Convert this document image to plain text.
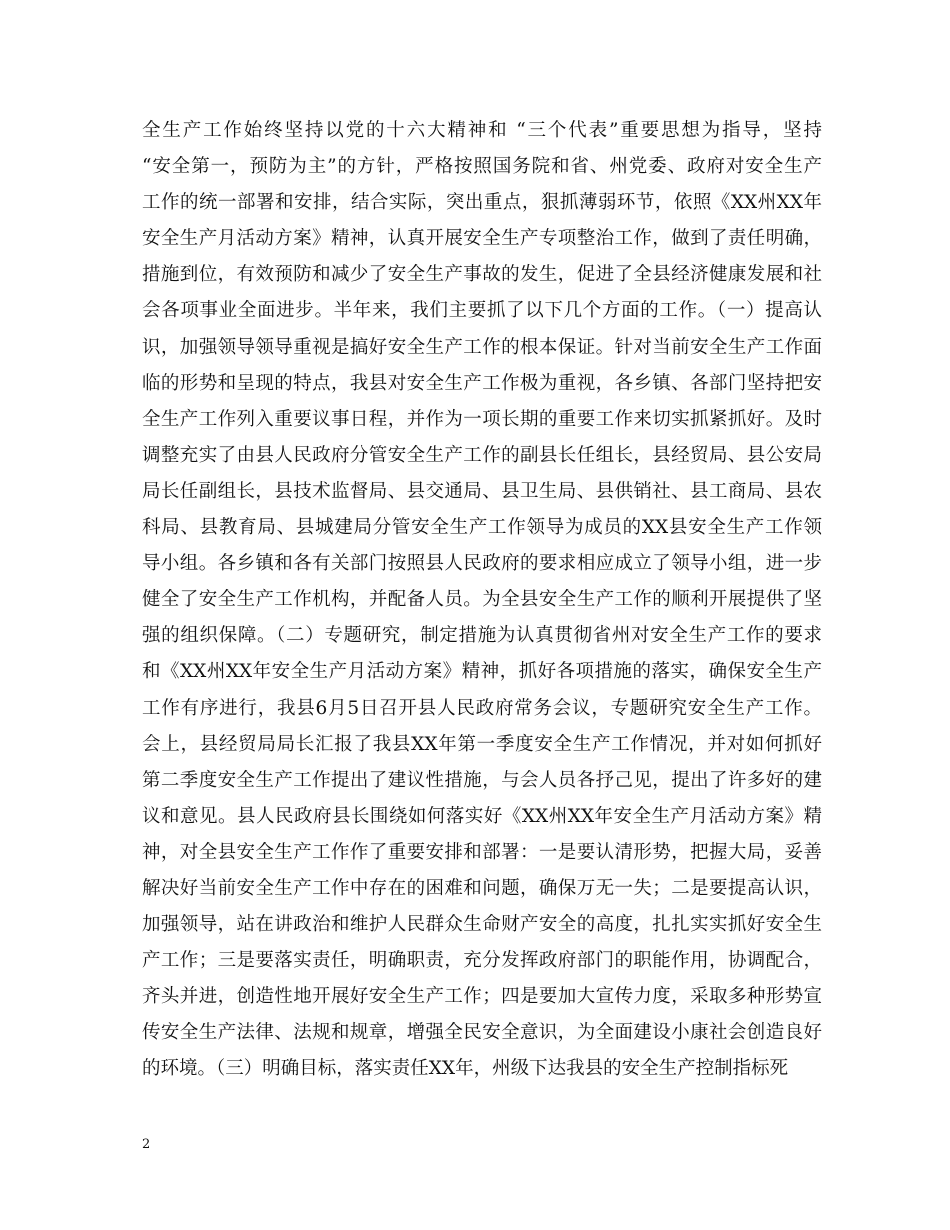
全生产工作始终坚持以党的十六大精神和 “三个代表”重要思想为指导，坚持
“安全第一，预防为主”的方针，严格按照国务院和省、州党委、政府对安全生产
工作的统一部署和安排，结合实际，突出重点，狠抓薄弱环节，依照《XX州XX年
安全生产月活动方案》精神，认真开展安全生产专项整治工作，做到了责任明确，
措施到位，有效预防和减少了安全生产事故的发生，促进了全县经济健康发展和社
会各项事业全面进步。半年来，我们主要抓了以下几个方面的工作。（一）提高认
识，加强领导领导重视是搞好安全生产工作的根本保证。针对当前安全生产工作面
临的形势和呈现的特点，我县对安全生产工作极为重视，各乡镇、各部门坚持把安
全生产工作列入重要议事日程，并作为一项长期的重要工作来切实抓紧抓好。及时
调整充实了由县人民政府分管安全生产工作的副县长任组长，县经贸局、县公安局
局长任副组长，县技术监督局、县交通局、县卫生局、县供销社、县工商局、县农
科局、县教育局、县城建局分管安全生产工作领导为成员的XX县安全生产工作领
导小组。各乡镇和各有关部门按照县人民政府的要求相应成立了领导小组，进一步
健全了安全生产工作机构，并配备人员。为全县安全生产工作的顺利开展提供了坚
强的组织保障。（二）专题研究，制定措施为认真贯彻省州对安全生产工作的要求
和《XX州XX年安全生产月活动方案》精神，抓好各项措施的落实，确保安全生产
工作有序进行，我县6月5日召开县人民政府常务会议，专题研究安全生产工作。
会上，县经贸局局长汇报了我县XX年第一季度安全生产工作情况，并对如何抓好
第二季度安全生产工作提出了建议性措施，与会人员各抒己见，提出了许多好的建
议和意见。县人民政府县长围绕如何落实好《XX州XX年安全生产月活动方案》精
神，对全县安全生产工作作了重要安排和部署：一是要认清形势，把握大局，妥善
解决好当前安全生产工作中存在的困难和问题，确保万无一失；二是要提高认识，
加强领导，站在讲政治和维护人民群众生命财产安全的高度，扎扎实实抓好安全生
产工作；三是要落实责任，明确职责，充分发挥政府部门的职能作用，协调配合，
齐头并进，创造性地开展好安全生产工作；四是要加大宣传力度，采取多种形势宣
传安全生产法律、法规和规章，增强全民安全意识，为全面建设小康社会创造良好
的环境。（三）明确目标，落实责任XX年，州级下达我县的安全生产控制指标死
2
